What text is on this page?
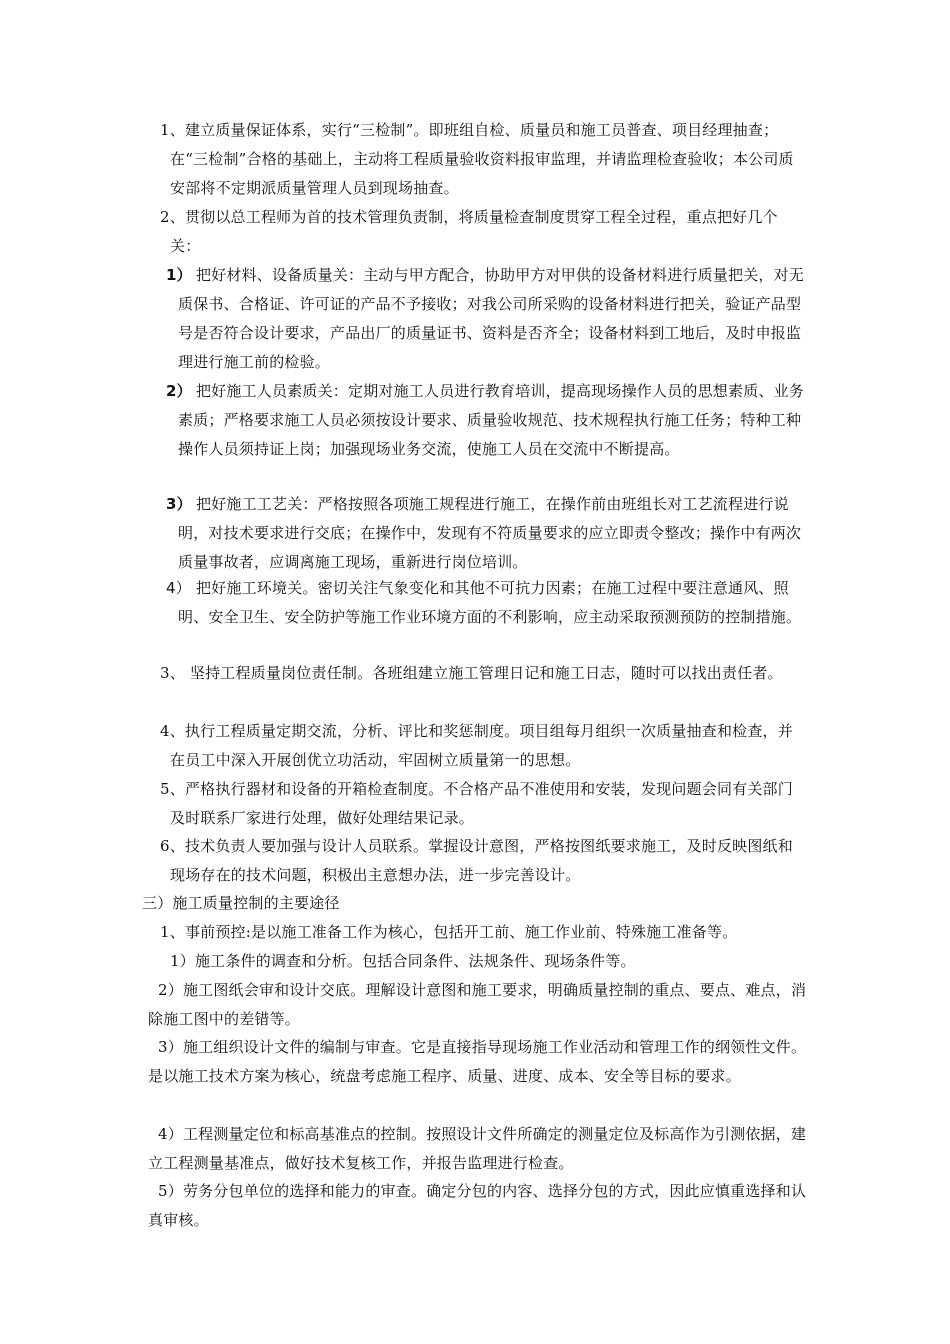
1、建立质量保证体系，实行“三检制”。即班组自检、质量员和施工员普查、项目经理抽查；在“三检制”合格的基础上，主动将工程质量验收资料报审监理，并请监理检查验收；本公司质安部将不定期派质量管理人员到现场抽查。

2、贯彻以总工程师为首的技术管理负责制，将质量检查制度贯穿工程全过程，重点把好几个关：

1） 把好材料、设备质量关：主动与甲方配合，协助甲方对甲供的设备材料进行质量把关，对无质保书、合格证、许可证的产品不予接收；对我公司所采购的设备材料进行把关，验证产品型号是否符合设计要求，产品出厂的质量证书、资料是否齐全；设备材料到工地后，及时申报监理进行施工前的检验。

2） 把好施工人员素质关：定期对施工人员进行教育培训，提高现场操作人员的思想素质、业务素质；严格要求施工人员必须按设计要求、质量验收规范、技术规程执行施工任务；特种工种操作人员须持证上岗；加强现场业务交流，使施工人员在交流中不断提高。

3） 把好施工工艺关：严格按照各项施工规程进行施工，在操作前由班组长对工艺流程进行说明，对技术要求进行交底；在操作中，发现有不符质量要求的应立即责令整改；操作中有两次质量事故者，应调离施工现场，重新进行岗位培训。

4） 把好施工环境关。密切关注气象变化和其他不可抗力因素；在施工过程中要注意通风、照明、安全卫生、安全防护等施工作业环境方面的不利影响，应主动采取预测预防的控制措施。

3、 坚持工程质量岗位责任制。各班组建立施工管理日记和施工日志，随时可以找出责任者。

4、执行工程质量定期交流，分析、评比和奖惩制度。项目组每月组织一次质量抽查和检查，并在员工中深入开展创优立功活动，牢固树立质量第一的思想。

5、严格执行器材和设备的开箱检查制度。不合格产品不准使用和安装，发现问题会同有关部门及时联系厂家进行处理，做好处理结果记录。

6、技术负责人要加强与设计人员联系。掌握设计意图，严格按图纸要求施工，及时反映图纸和现场存在的技术问题，积极出主意想办法，进一步完善设计。

三）施工质量控制的主要途径

1、事前预控:是以施工准备工作为核心，包括开工前、施工作业前、特殊施工准备等。

1）施工条件的调查和分析。包括合同条件、法规条件、现场条件等。

2）施工图纸会审和设计交底。理解设计意图和施工要求，明确质量控制的重点、要点、难点，消除施工图中的差错等。

3）施工组织设计文件的编制与审查。它是直接指导现场施工作业活动和管理工作的纲领性文件。是以施工技术方案为核心，统盘考虑施工程序、质量、进度、成本、安全等目标的要求。

4）工程测量定位和标高基准点的控制。按照设计文件所确定的测量定位及标高作为引测依据，建立工程测量基准点，做好技术复核工作，并报告监理进行检查。

5）劳务分包单位的选择和能力的审查。确定分包的内容、选择分包的方式，因此应慎重选择和认真审核。
